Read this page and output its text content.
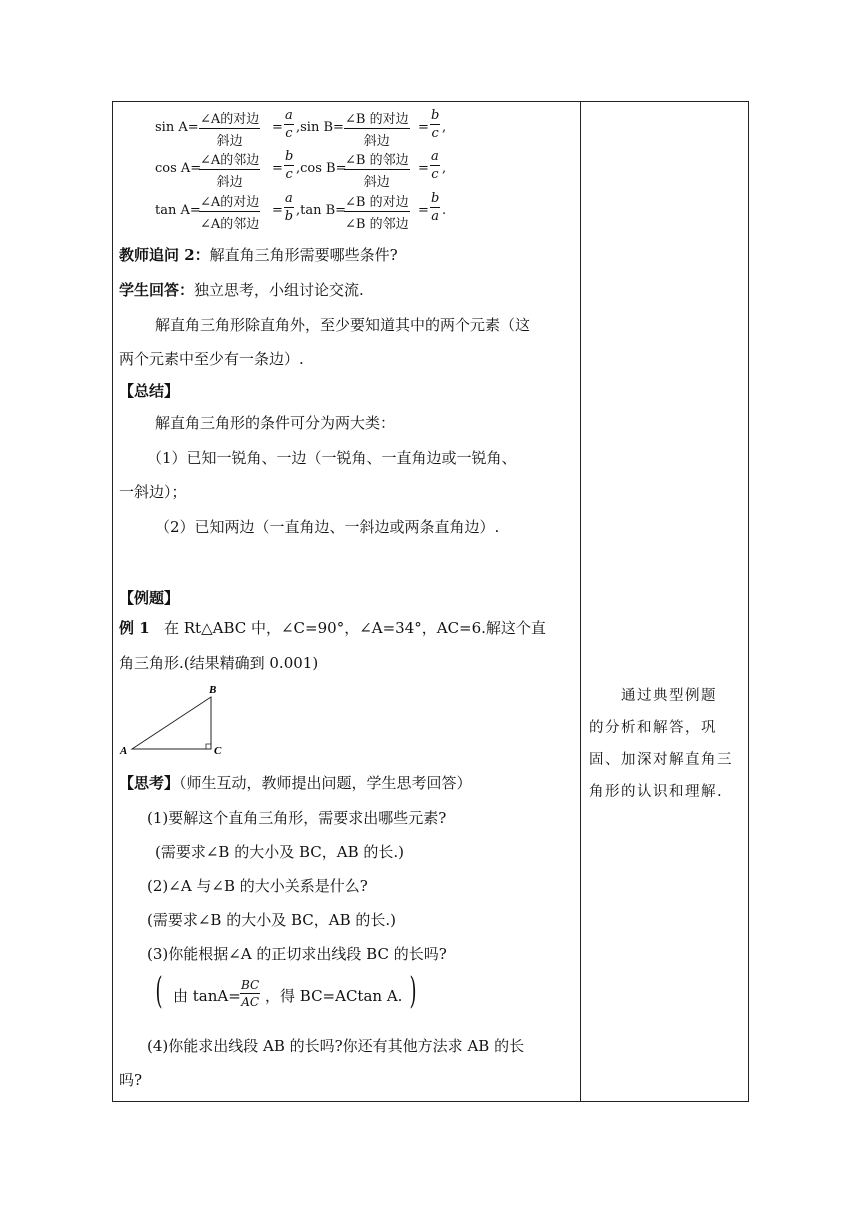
sin A=
∠A的对边
斜边
= $\frac{a}{c} ,\sin$ B=
∠B 的对边
斜边
= $\frac{b}{c}$ ,
cos A=
∠A的邻边
斜边
= $\frac{b}{c} ,\cos$ B=
∠B 的邻边
斜边
= $\frac{a}{c}$ ,
tan A=
∠A的对边
∠A的邻边
= $\frac{a}{b} ,\tan$ B=
∠B 的对边
∠B 的邻边
= $\frac{b}{a}$ .
教师追问 2：解直角三角形需要哪些条件?
学生回答：独立思考，小组讨论交流.
解直角三角形除直角外，至少要知道其中的两个元素（这
两个元素中至少有一条边）.
【总结】
解直角三角形的条件可分为两大类：
（1）已知一锐角、一边（一锐角、一直角边或一锐角、
一斜边）；
（2）已知两边（一直角边、一斜边或两条直角边）.
【例题】
例 1 在 Rt△ABC 中，∠C=90°，∠A=34°，AC=6.解这个直
角三角形.(结果精确到 0.001)
A
B
C
【思考】（师生互动，教师提出问题，学生思考回答）
(1)要解这个直角三角形，需要求出哪些元素?
(需要求∠B 的大小及 BC，AB 的长.)
(2)∠A 与∠B 的大小关系是什么?
(需要求∠B 的大小及 BC，AB 的长.)
(3)你能根据∠A 的正切求出线段 BC 的长吗?
( 由 $\tan A= \frac{BC}{AC}$ ，得 BC=ACtan A. )
(4)你能求出线段 AB 的长吗?你还有其他方法求 AB 的长
吗?
通过典型例题
的分析和解答，巩
固、加深对解直角三
角形的认识和理解.
